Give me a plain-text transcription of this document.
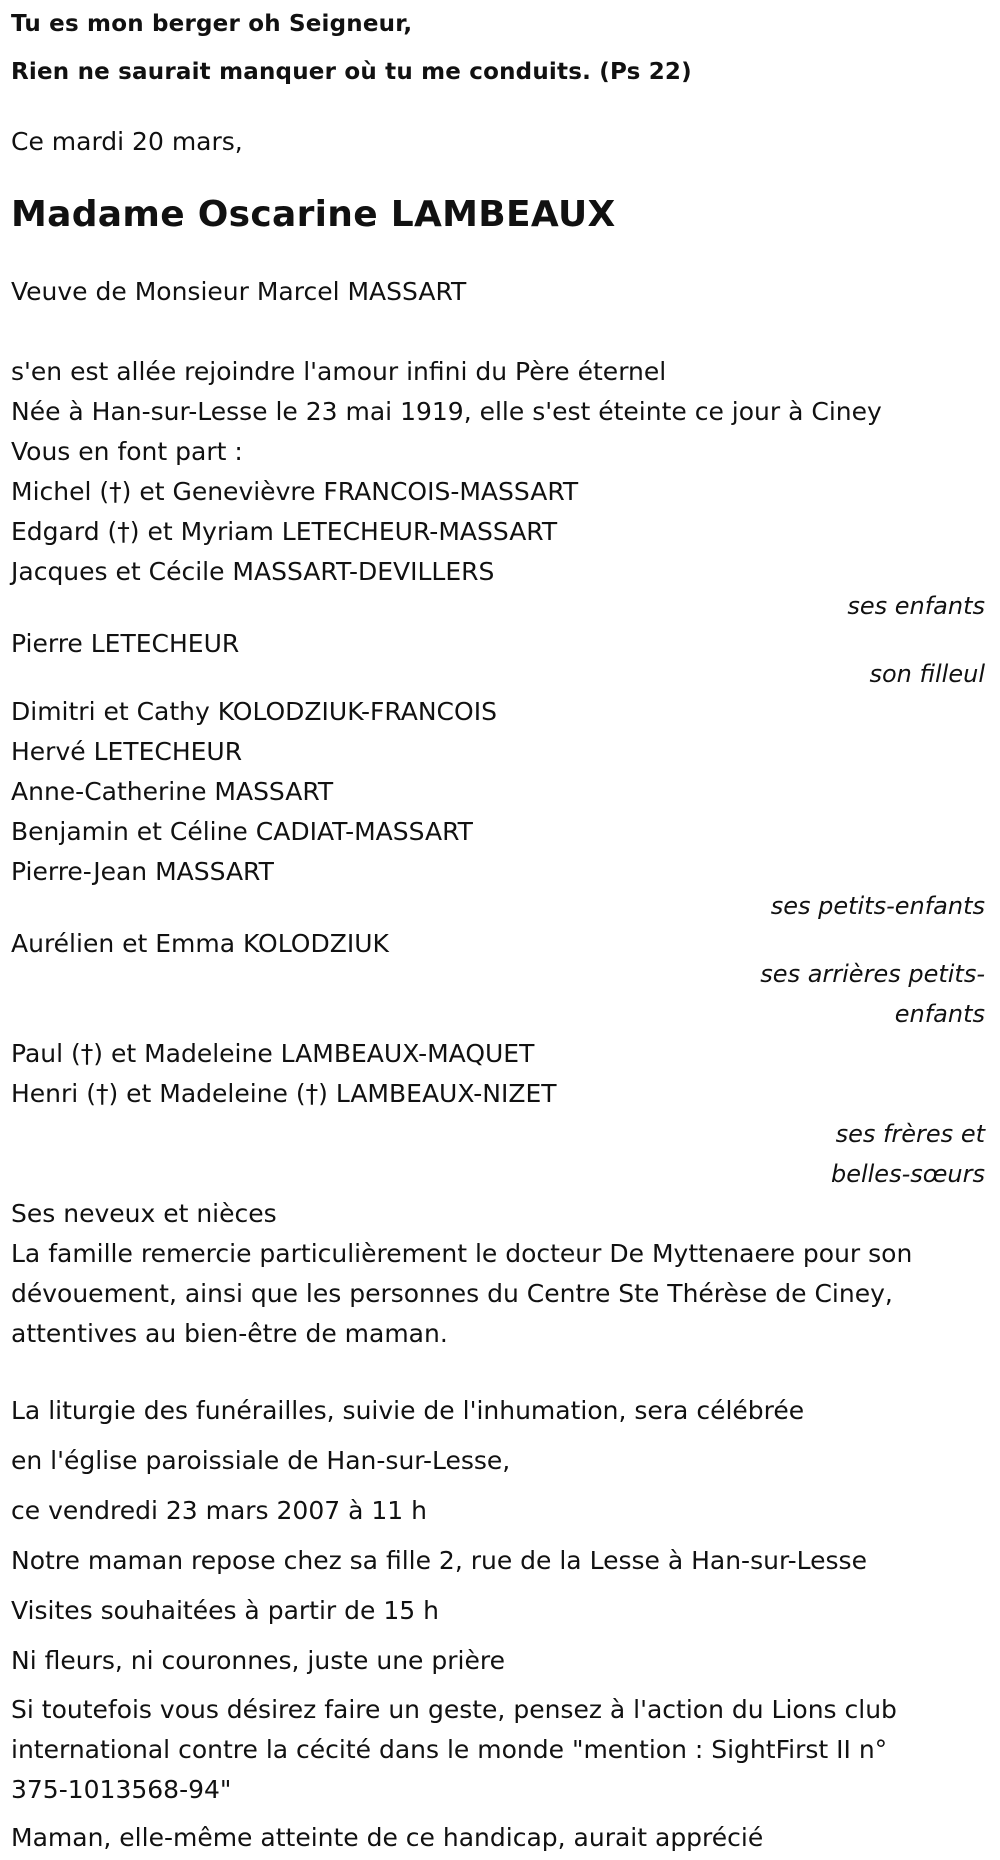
Tu es mon berger oh Seigneur,
Rien ne saurait manquer où tu me conduits. (Ps 22)
Ce mardi 20 mars,
Madame Oscarine LAMBEAUX
Veuve de Monsieur Marcel MASSART
s'en est allée rejoindre l'amour infini du Père éternel
Née à Han-sur-Lesse le 23 mai 1919, elle s'est éteinte ce jour à Ciney
Vous en font part :
Michel (†) et Genevièvre FRANCOIS-MASSART
Edgard (†) et Myriam LETECHEUR-MASSART
Jacques et Cécile MASSART-DEVILLERS
ses enfants
Pierre LETECHEUR
son filleul
Dimitri et Cathy KOLODZIUK-FRANCOIS
Hervé LETECHEUR
Anne-Catherine MASSART
Benjamin et Céline CADIAT-MASSART
Pierre-Jean MASSART
ses petits-enfants
Aurélien et Emma KOLODZIUK
ses arrières petits-
enfants
Paul (†) et Madeleine LAMBEAUX-MAQUET
Henri (†) et Madeleine (†) LAMBEAUX-NIZET
ses frères et
belles-sœurs
Ses neveux et nièces
La famille remercie particulièrement le docteur De Myttenaere pour son
dévouement, ainsi que les personnes du Centre Ste Thérèse de Ciney,
attentives au bien-être de maman.
La liturgie des funérailles, suivie de l'inhumation, sera célébrée
en l'église paroissiale de Han-sur-Lesse,
ce vendredi 23 mars 2007 à 11 h
Notre maman repose chez sa fille 2, rue de la Lesse à Han-sur-Lesse
Visites souhaitées à partir de 15 h
Ni fleurs, ni couronnes, juste une prière
Si toutefois vous désirez faire un geste, pensez à l'action du Lions club
international contre la cécité dans le monde "mention : SightFirst II n°
375-1013568-94"
Maman, elle-même atteinte de ce handicap, aurait apprécié
